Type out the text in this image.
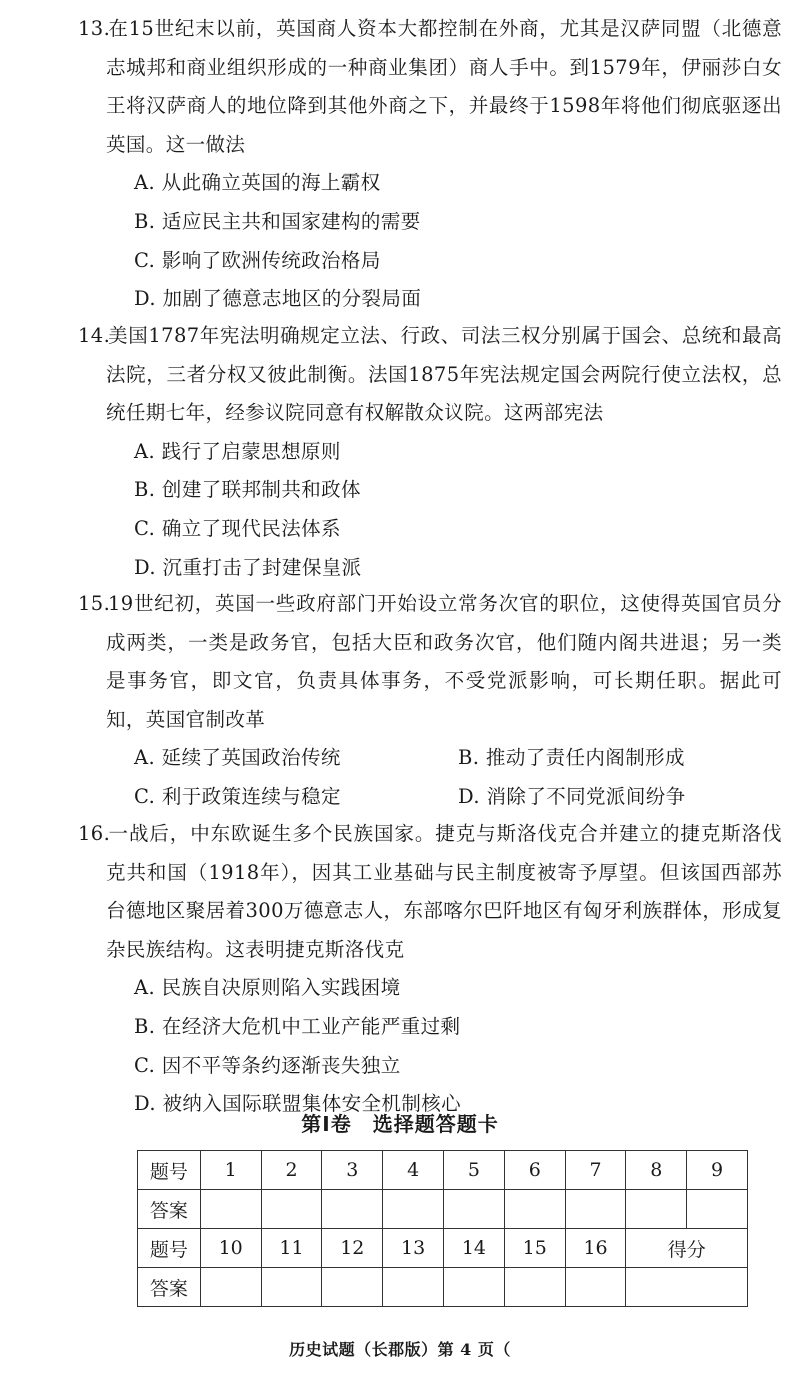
13.在15世纪末以前，英国商人资本大都控制在外商，尤其是汉萨同盟（北德意志城邦和商业组织形成的一种商业集团）商人手中。到1579年，伊丽莎白女王将汉萨商人的地位降到其他外商之下，并最终于1598年将他们彻底驱逐出英国。这一做法
A. 从此确立英国的海上霸权
B. 适应民主共和国家建构的需要
C. 影响了欧洲传统政治格局
D. 加剧了德意志地区的分裂局面
14.美国1787年宪法明确规定立法、行政、司法三权分别属于国会、总统和最高法院，三者分权又彼此制衡。法国1875年宪法规定国会两院行使立法权，总统任期七年，经参议院同意有权解散众议院。这两部宪法
A. 践行了启蒙思想原则
B. 创建了联邦制共和政体
C. 确立了现代民法体系
D. 沉重打击了封建保皇派
15.19世纪初，英国一些政府部门开始设立常务次官的职位，这使得英国官员分成两类，一类是政务官，包括大臣和政务次官，他们随内阁共进退；另一类是事务官，即文官，负责具体事务，不受党派影响，可长期任职。据此可知，英国官制改革
A. 延续了英国政治传统	B. 推动了责任内阁制形成
C. 利于政策连续与稳定	D. 消除了不同党派间纷争
16.一战后，中东欧诞生多个民族国家。捷克与斯洛伐克合并建立的捷克斯洛伐克共和国（1918年），因其工业基础与民主制度被寄予厚望。但该国西部苏台德地区聚居着300万德意志人，东部喀尔巴阡地区有匈牙利族群体，形成复杂民族结构。这表明捷克斯洛伐克
A. 民族自决原则陷入实践困境
B. 在经济大危机中工业产能严重过剩
C. 因不平等条约逐渐丧失独立
D. 被纳入国际联盟集体安全机制核心
第Ⅰ卷　选择题答题卡
题号	1	2	3	4	5	6	7	8	9
答案									
题号	10	11	12	13	14	15	16	得分	
答案									
历史试题（长郡版）第 4 页（
